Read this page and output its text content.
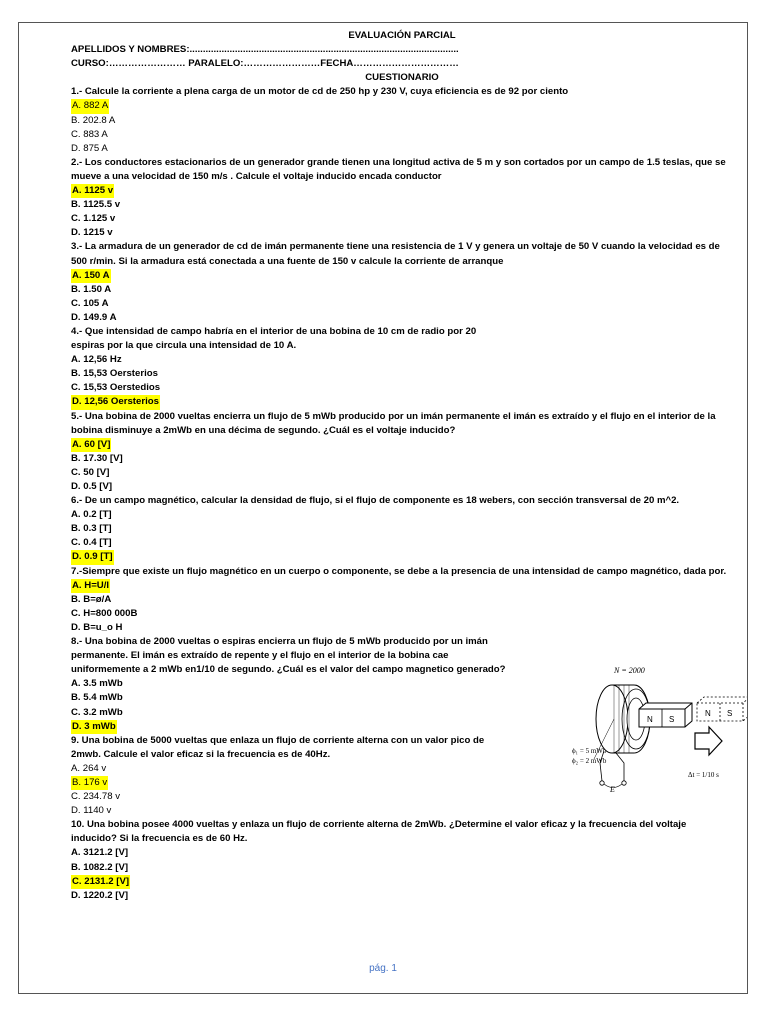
EVALUACIÓN PARCIAL
APELLIDOS Y NOMBRES:.....................................................................................................
CURSO:…………………… PARALELO:……………………FECHA……………………………
CUESTIONARIO
1.- Calcule la corriente a plena carga de un motor de cd de 250 hp y 230 V, cuya eficiencia es de 92 por ciento
A. 882 A
B. 202.8 A
C. 883 A
D. 875 A
2.- Los conductores estacionarios de un generador grande tienen una longitud activa de 5 m y son cortados por un campo de 1.5 teslas, que se mueve a una velocidad de 150 m/s . Calcule el voltaje inducido encada conductor
A. 1125 v
B. 1125.5 v
C. 1.125 v
D. 1215 v
3.- La armadura de un generador de cd de imán permanente tiene una resistencia de 1 V y genera un voltaje de 50 V cuando la velocidad es de 500 r/min. Si la armadura está conectada a una fuente de 150 v calcule la corriente de arranque
A. 150 A
B. 1.50 A
C. 105 A
D. 149.9 A
4.- Que intensidad de campo habría en el interior de una bobina de 10 cm de radio por 20 espiras por la que circula una intensidad de 10 A.
A. 12,56 Hz
B. 15,53 Oersterios
C. 15,53 Oerstedios
D. 12,56 Oersterios
5.- Una bobina de 2000 vueltas encierra un flujo de 5 mWb producido por un imán permanente el imán es extraído y el flujo en el interior de la bobina disminuye a 2mWb en una décima de segundo. ¿Cuál es el voltaje inducido?
A. 60 [V]
B. 17.30 [V]
C. 50 [V]
D. 0.5 [V]
6.- De un campo magnético, calcular la densidad de flujo, si el flujo de componente es 18 webers, con sección transversal de 20 m^2.
A. 0.2 [T]
B. 0.3 [T]
C. 0.4 [T]
D. 0.9 [T]
7.-Siempre que existe un flujo magnético en un cuerpo o componente, se debe a la presencia de una intensidad de campo magnético, dada por.
A. H=U/I
B. B=ø/A
C. H=800 000B
D. B=u_o H
8.- Una bobina de 2000 vueltas o espiras encierra un flujo de 5 mWb producido por un imán permanente. El imán es extraído de repente y el flujo en el interior de la bobina cae uniformemente a 2 mWb en1/10 de segundo. ¿Cuál es el valor del campo magnetico generado?
A. 3.5 mWb
B. 5.4 mWb
C. 3.2 mWb
D. 3 mWb
9. Una bobina de 5000 vueltas que enlaza un flujo de corriente alterna con un valor pico de 2mwb. Calcule el valor eficaz si la frecuencia es de 40Hz.
A. 264 v
B. 176 v
C. 234.78 v
D. 1140 v
10. Una bobina posee 4000 vueltas y enlaza un flujo de corriente alterna de 2mWb. ¿Determine el valor eficaz y la frecuencia del voltaje inducido? Si la frecuencia es de 60 Hz.
A. 3121.2 [V]
B. 1082.2 [V]
C. 2131.2 [V]
D. 1220.2 [V]
N = 2000
N S
N S
E
ϕ₁ = 5 mWb
ϕ₂ = 2 mWb
Δt = 1/10 s
pág. 1
